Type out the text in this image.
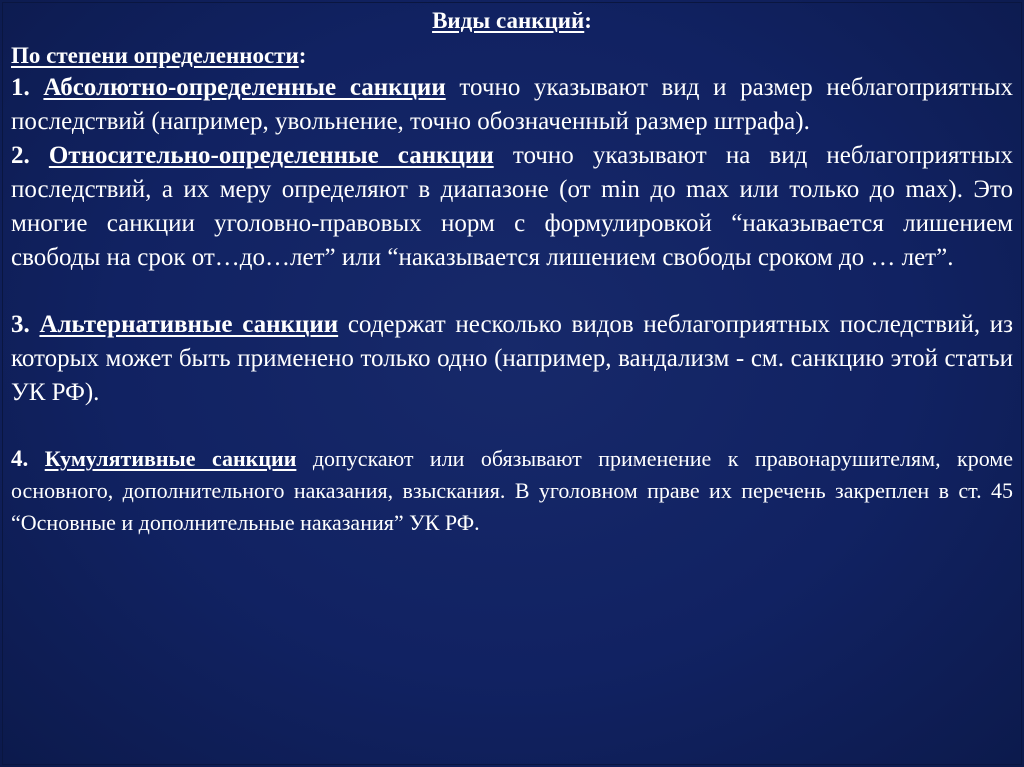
Виды санкций:

По степени определенности:

1. Абсолютно-определенные санкции точно указывают вид и размер неблагоприятных последствий (например, увольнение, точно обозначенный размер штрафа).

2. Относительно-определенные санкции точно указывают на вид неблагоприятных последствий, а их меру определяют в диапазоне (от min до max или только до max). Это многие санкции уголовно-правовых норм с формулировкой “наказывается лишением свободы на срок от…до…лет” или “наказывается лишением свободы сроком до … лет”.

3. Альтернативные санкции содержат несколько видов неблагоприятных последствий, из которых может быть применено только одно (например, вандализм - см. санкцию этой статьи УК РФ).

4. Кумулятивные санкции допускают или обязывают применение к правонарушителям, кроме основного, дополнительного наказания, взыскания. В уголовном праве их перечень закреплен в ст. 45 “Основные и дополнительные наказания” УК РФ.
